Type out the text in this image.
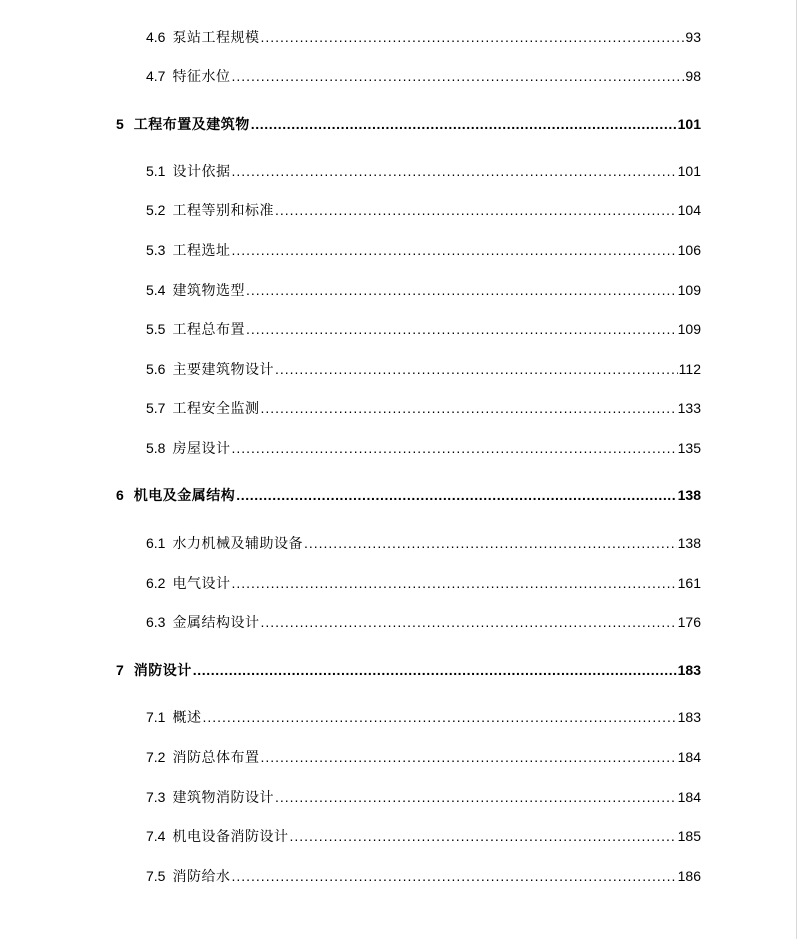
4.6 泵站工程规模 .....	93
4.7 特征水位 .....	98
5 工程布置及建筑物 .....	101
5.1 设计依据 .....	101
5.2 工程等别和标准 .....	104
5.3 工程选址 .....	106
5.4 建筑物选型 .....	109
5.5 工程总布置 .....	109
5.6 主要建筑物设计 .....	112
5.7 工程安全监测 .....	133
5.8 房屋设计 .....	135
6 机电及金属结构 .....	138
6.1 水力机械及辅助设备 .....	138
6.2 电气设计 .....	161
6.3 金属结构设计 .....	176
7 消防设计 .....	183
7.1 概述 .....	183
7.2 消防总体布置 .....	184
7.3 建筑物消防设计 .....	184
7.4 机电设备消防设计 .....	185
7.5 消防给水 .....	186
